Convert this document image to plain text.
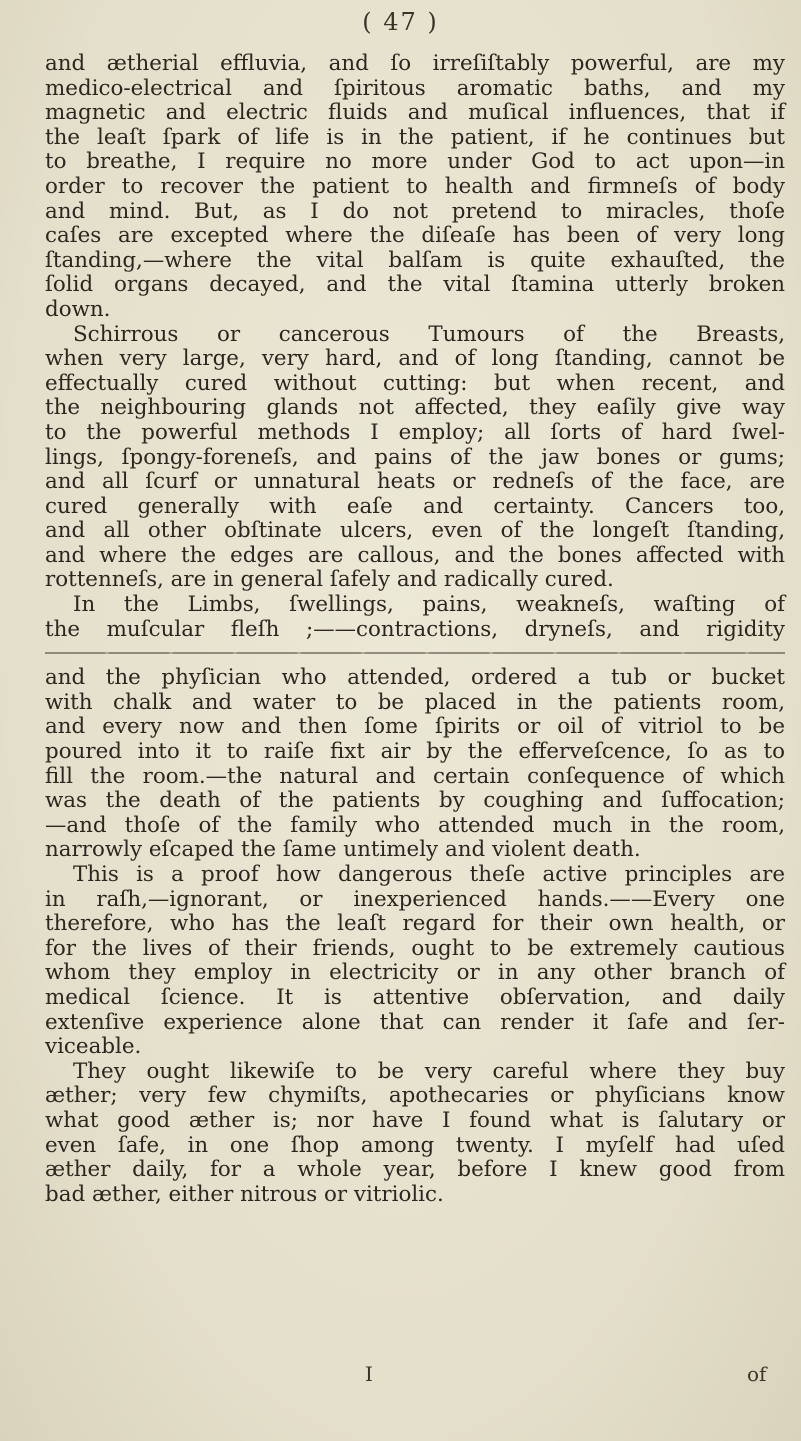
( 47 )
and ætherial effluvia, and ſo irreſiſtably powerful, are my
medico-electrical and ſpiritous aromatic baths, and my
magnetic and electric fluids and muſical influences, that if
the leaſt ſpark of life is in the patient, if he continues but
to breathe, I require no more under God to act upon—in
order to recover the patient to health and firmneſs of body
and mind. But, as I do not pretend to miracles, thoſe
caſes are excepted where the diſeaſe has been of very long
ſtanding,—where the vital balſam is quite exhauſted, the
ſolid organs decayed, and the vital ſtamina utterly broken
down.
Schirrous or cancerous Tumours of the Breasts,
when very large, very hard, and of long ſtanding, cannot be
effectually cured without cutting: but when recent, and
the neighbouring glands not affected, they eaſily give way
to the powerful methods I employ; all ſorts of hard ſwel-
lings, ſpongy-foreneſs, and pains of the jaw bones or gums;
and all ſcurf or unnatural heats or redneſs of the face, are
cured generally with eaſe and certainty. Cancers too,
and all other obſtinate ulcers, even of the longeſt ſtanding,
and where the edges are callous, and the bones affected with
rottenneſs, are in general ſafely and radically cured.
In the Limbs, ſwellings, pains, weakneſs, waſting of
the muſcular fleſh ;——contractions, dryneſs, and rigidity
and the phyſician who attended, ordered a tub or bucket
with chalk and water to be placed in the patients room,
and every now and then ſome ſpirits or oil of vitriol to be
poured into it to raiſe fixt air by the efferveſcence, ſo as to
fill the room.—the natural and certain conſequence of which
was the death of the patients by coughing and ſuffocation;
—and thoſe of the family who attended much in the room,
narrowly eſcaped the ſame untimely and violent death.
This is a proof how dangerous theſe active principles are
in raſh,—ignorant, or inexperienced hands.——Every one
therefore, who has the leaſt regard for their own health, or
for the lives of their friends, ought to be extremely cautious
whom they employ in electricity or in any other branch of
medical ſcience. It is attentive obſervation, and daily
extenſive experience alone that can render it ſafe and ſer-
viceable.
They ought likewiſe to be very careful where they buy
æther; very few chymiſts, apothecaries or phyſicians know
what good æther is; nor have I found what is ſalutary or
even ſafe, in one ſhop among twenty. I myſelf had uſed
æther daily, for a whole year, before I knew good from
bad æther, either nitrous or vitriolic.
I	of
